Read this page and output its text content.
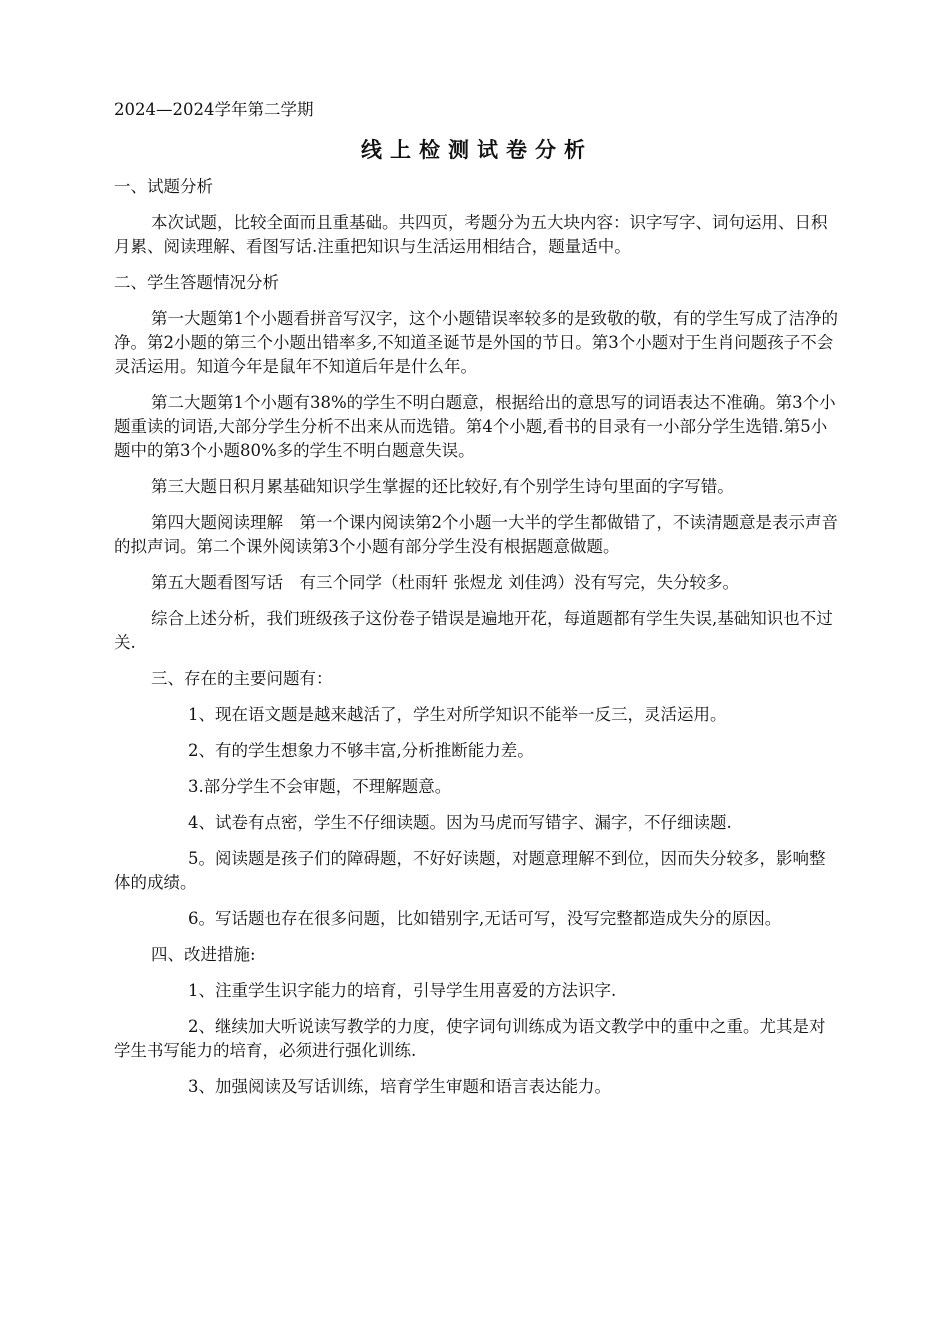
2024—2024学年第二学期

线上检测试卷分析

一、试题分析

本次试题，比较全面而且重基础。共四页，考题分为五大块内容：识字写字、词句运用、日积月累、阅读理解、看图写话.注重把知识与生活运用相结合，题量适中。

二、学生答题情况分析

第一大题第1个小题看拼音写汉字，这个小题错误率较多的是致敬的敬，有的学生写成了洁净的净。第2小题的第三个小题出错率多,不知道圣诞节是外国的节日。第3个小题对于生肖问题孩子不会灵活运用。知道今年是鼠年不知道后年是什么年。

第二大题第1个小题有38%的学生不明白题意，根据给出的意思写的词语表达不准确。第3个小题重读的词语,大部分学生分析不出来从而选错。第4个小题,看书的目录有一小部分学生选错.第5小题中的第3个小题80%多的学生不明白题意失误。

第三大题日积月累基础知识学生掌握的还比较好,有个别学生诗句里面的字写错。

第四大题阅读理解　第一个课内阅读第2个小题一大半的学生都做错了，不读清题意是表示声音的拟声词。第二个课外阅读第3个小题有部分学生没有根据题意做题。

第五大题看图写话　有三个同学（杜雨轩 张煜龙 刘佳鸿）没有写完，失分较多。

综合上述分析，我们班级孩子这份卷子错误是遍地开花，每道题都有学生失误,基础知识也不过关.

三、存在的主要问题有：

1、现在语文题是越来越活了，学生对所学知识不能举一反三，灵活运用。

2、有的学生想象力不够丰富,分析推断能力差。

3.部分学生不会审题，不理解题意。

4、试卷有点密，学生不仔细读题。因为马虎而写错字、漏字，不仔细读题.

5。阅读题是孩子们的障碍题，不好好读题，对题意理解不到位，因而失分较多，影响整体的成绩。

6。写话题也存在很多问题，比如错别字,无话可写，没写完整都造成失分的原因。

四、改进措施:

1、注重学生识字能力的培育，引导学生用喜爱的方法识字.

2、继续加大听说读写教学的力度，使字词句训练成为语文教学中的重中之重。尤其是对学生书写能力的培育，必须进行强化训练.

3、加强阅读及写话训练，培育学生审题和语言表达能力。
